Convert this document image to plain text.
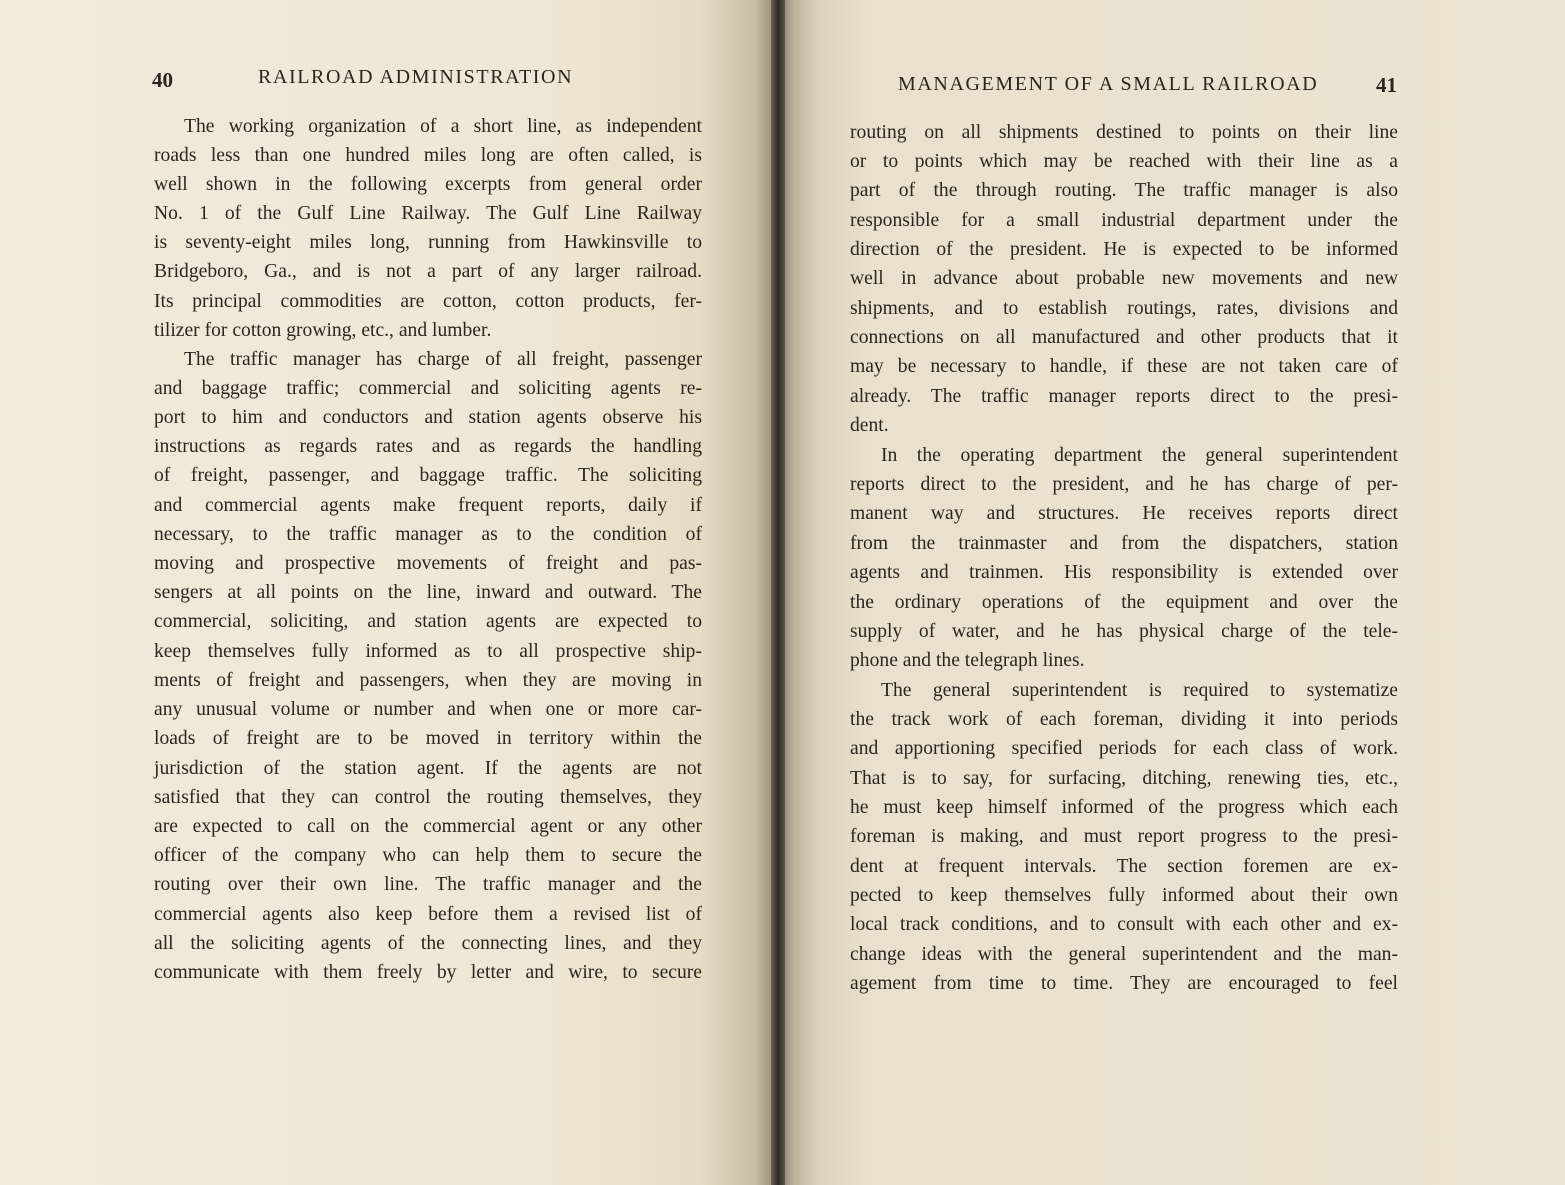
40	RAILROAD ADMINISTRATION	MANAGEMENT OF A SMALL RAILROAD	41
The working organization of a short line, as independent
roads less than one hundred miles long are often called, is
well shown in the following excerpts from general order
No. 1 of the Gulf Line Railway. The Gulf Line Railway
is seventy-eight miles long, running from Hawkinsville to
Bridgeboro, Ga., and is not a part of any larger railroad.
Its principal commodities are cotton, cotton products, fer-
tilizer for cotton growing, etc., and lumber.
The traffic manager has charge of all freight, passenger
and baggage traffic; commercial and soliciting agents re-
port to him and conductors and station agents observe his
instructions as regards rates and as regards the handling
of freight, passenger, and baggage traffic. The soliciting
and commercial agents make frequent reports, daily if
necessary, to the traffic manager as to the condition of
moving and prospective movements of freight and pas-
sengers at all points on the line, inward and outward. The
commercial, soliciting, and station agents are expected to
keep themselves fully informed as to all prospective ship-
ments of freight and passengers, when they are moving in
any unusual volume or number and when one or more car-
loads of freight are to be moved in territory within the
jurisdiction of the station agent. If the agents are not
satisfied that they can control the routing themselves, they
are expected to call on the commercial agent or any other
officer of the company who can help them to secure the
routing over their own line. The traffic manager and the
commercial agents also keep before them a revised list of
all the soliciting agents of the connecting lines, and they
communicate with them freely by letter and wire, to secure
routing on all shipments destined to points on their line
or to points which may be reached with their line as a
part of the through routing. The traffic manager is also
responsible for a small industrial department under the
direction of the president. He is expected to be informed
well in advance about probable new movements and new
shipments, and to establish routings, rates, divisions and
connections on all manufactured and other products that it
may be necessary to handle, if these are not taken care of
already. The traffic manager reports direct to the presi-
dent.
In the operating department the general superintendent
reports direct to the president, and he has charge of per-
manent way and structures. He receives reports direct
from the trainmaster and from the dispatchers, station
agents and trainmen. His responsibility is extended over
the ordinary operations of the equipment and over the
supply of water, and he has physical charge of the tele-
phone and the telegraph lines.
The general superintendent is required to systematize
the track work of each foreman, dividing it into periods
and apportioning specified periods for each class of work.
That is to say, for surfacing, ditching, renewing ties, etc.,
he must keep himself informed of the progress which each
foreman is making, and must report progress to the presi-
dent at frequent intervals. The section foremen are ex-
pected to keep themselves fully informed about their own
local track conditions, and to consult with each other and ex-
change ideas with the general superintendent and the man-
agement from time to time. They are encouraged to feel
